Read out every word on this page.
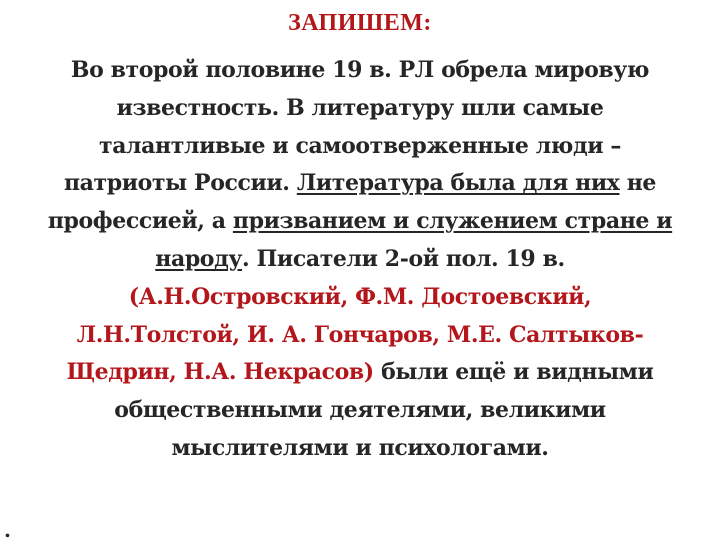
ЗАПИШЕМ:
Во второй половине 19 в. РЛ обрела мировую
известность. В литературу шли самые
талантливые и самоотверженные люди –
патриоты России. Литература была для них не
профессией, а призванием и служением стране и
народу. Писатели 2-ой пол. 19 в.
(А.Н.Островский, Ф.М. Достоевский,
Л.Н.Толстой, И. А. Гончаров, М.Е. Салтыков-
Щедрин, Н.А. Некрасов) были ещё и видными
общественными деятелями, великими
мыслителями и психологами.
.
